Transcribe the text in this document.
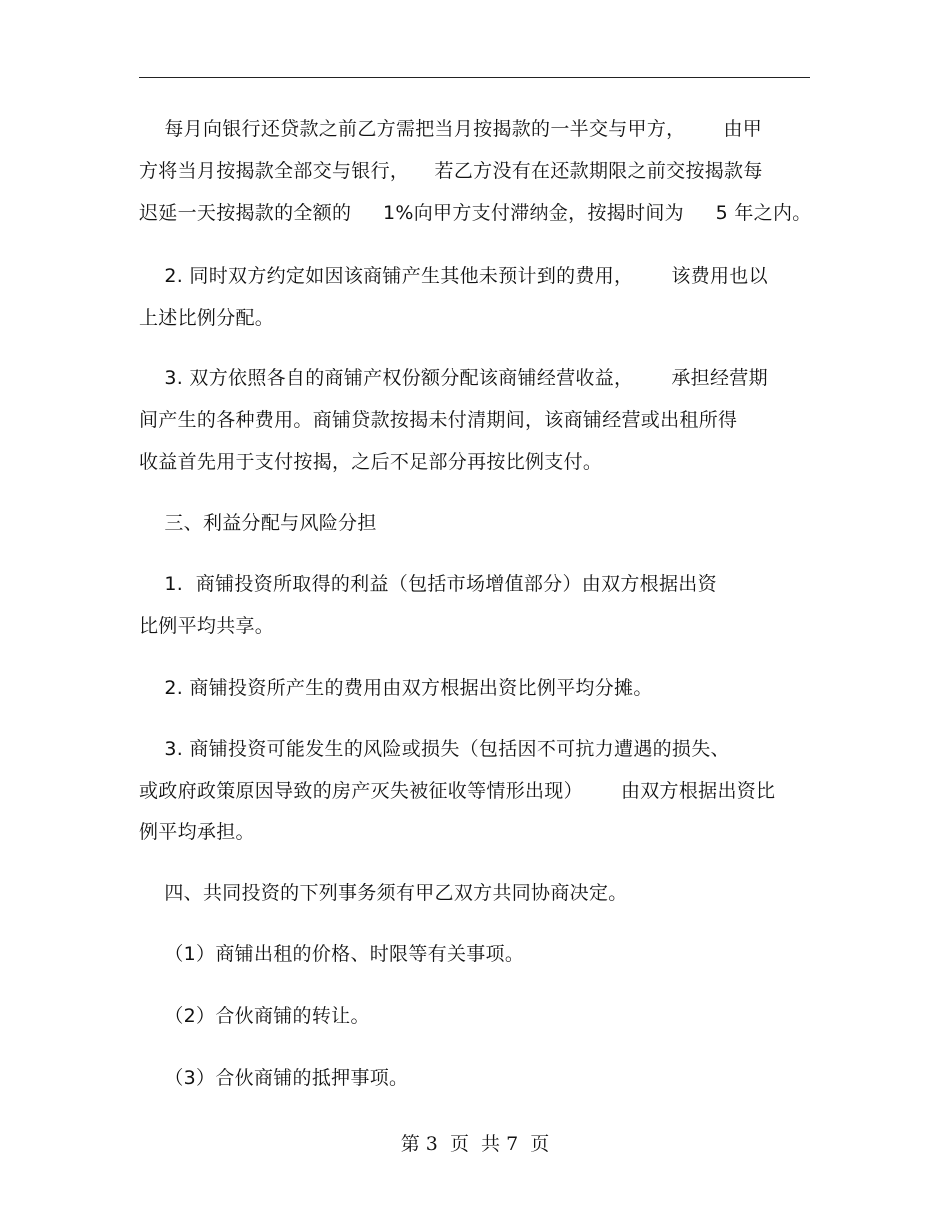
每月向银行还贷款之前乙方需把当月按揭款的一半交与甲方，      由甲
方将当月按揭款全部交与银行，    若乙方没有在还款期限之前交按揭款每
迟延一天按揭款的全额的     1%向甲方支付滞纳金，按揭时间为     5 年之内。
2. 同时双方约定如因该商铺产生其他未预计到的费用，      该费用也以
上述比例分配。
3. 双方依照各自的商铺产权份额分配该商铺经营收益，      承担经营期
间产生的各种费用。商铺贷款按揭未付清期间，该商铺经营或出租所得
收益首先用于支付按揭，之后不足部分再按比例支付。
三、利益分配与风险分担
1.  商铺投资所取得的利益（包括市场增值部分）由双方根据出资
比例平均共享。
2. 商铺投资所产生的费用由双方根据出资比例平均分摊。
3. 商铺投资可能发生的风险或损失（包括因不可抗力遭遇的损失、
或政府政策原因导致的房产灭失被征收等情形出现）      由双方根据出资比
例平均承担。
四、共同投资的下列事务须有甲乙双方共同协商决定。
（1）商铺出租的价格、时限等有关事项。
（2）合伙商铺的转让。
（3）合伙商铺的抵押事项。
第 3  页  共 7  页
